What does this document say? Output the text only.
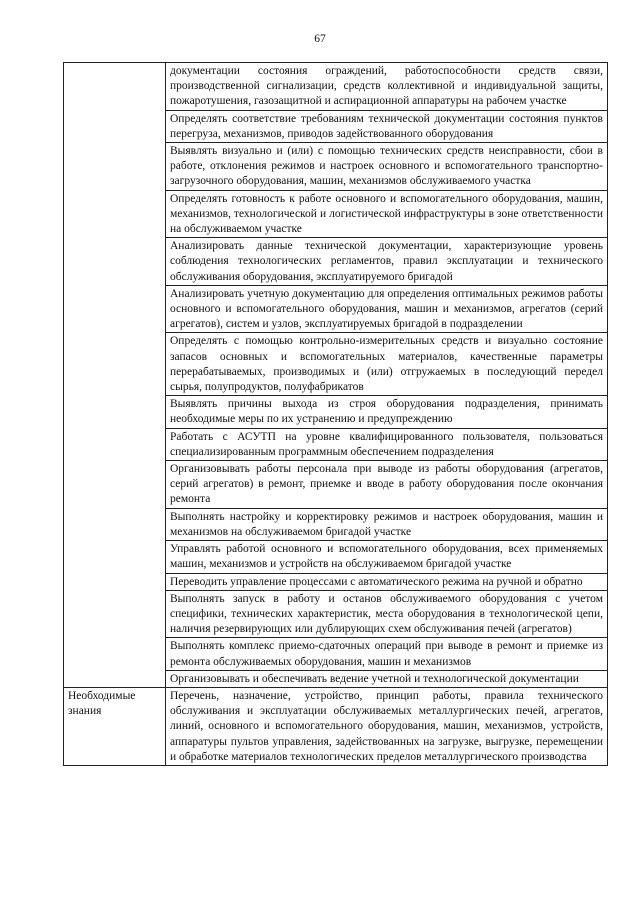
67
	документации состояния ограждений, работоспособности средств связи, производственной сигнализации, средств коллективной и индивидуальной защиты, пожаротушения, газозащитной и аспирационной аппаратуры на рабочем участке
	Определять соответствие требованиям технической документации состояния пунктов перегруза, механизмов, приводов задействованного оборудования
	Выявлять визуально и (или) с помощью технических средств неисправности, сбои в работе, отклонения режимов и настроек основного и вспомогательного транспортно-загрузочного оборудования, машин, механизмов обслуживаемого участка
	Определять готовность к работе основного и вспомогательного оборудования, машин, механизмов, технологической и логистической инфраструктуры в зоне ответственности на обслуживаемом участке
	Анализировать данные технической документации, характеризующие уровень соблюдения технологических регламентов, правил эксплуатации и технического обслуживания оборудования, эксплуатируемого бригадой
	Анализировать учетную документацию для определения оптимальных режимов работы основного и вспомогательного оборудования, машин и механизмов, агрегатов (серий агрегатов), систем и узлов, эксплуатируемых бригадой в подразделении
	Определять с помощью контрольно-измерительных средств и визуально состояние запасов основных и вспомогательных материалов, качественные параметры перерабатываемых, производимых и (или) отгружаемых в последующий передел сырья, полупродуктов, полуфабрикатов
	Выявлять причины выхода из строя оборудования подразделения, принимать необходимые меры по их устранению и предупреждению
	Работать с АСУТП на уровне квалифицированного пользователя, пользоваться специализированным программным обеспечением подразделения
	Организовывать работы персонала при выводе из работы оборудования (агрегатов, серий агрегатов) в ремонт, приемке и вводе в работу оборудования после окончания ремонта
	Выполнять настройку и корректировку режимов и настроек оборудования, машин и механизмов на обслуживаемом бригадой участке
	Управлять работой основного и вспомогательного оборудования, всех применяемых машин, механизмов и устройств на обслуживаемом бригадой участке
	Переводить управление процессами с автоматического режима на ручной и обратно
	Выполнять запуск в работу и останов обслуживаемого оборудования с учетом специфики, технических характеристик, места оборудования в технологической цепи, наличия резервирующих или дублирующих схем обслуживания печей (агрегатов)
	Выполнять комплекс приемо-сдаточных операций при выводе в ремонт и приемке из ремонта обслуживаемых оборудования, машин и механизмов
	Организовывать и обеспечивать ведение учетной и технологической документации
Необходимые знания	Перечень, назначение, устройство, принцип работы, правила технического обслуживания и эксплуатации обслуживаемых металлургических печей, агрегатов, линий, основного и вспомогательного оборудования, машин, механизмов, устройств, аппаратуры пультов управления, задействованных на загрузке, выгрузке, перемещении и обработке материалов технологических пределов металлургического производства
